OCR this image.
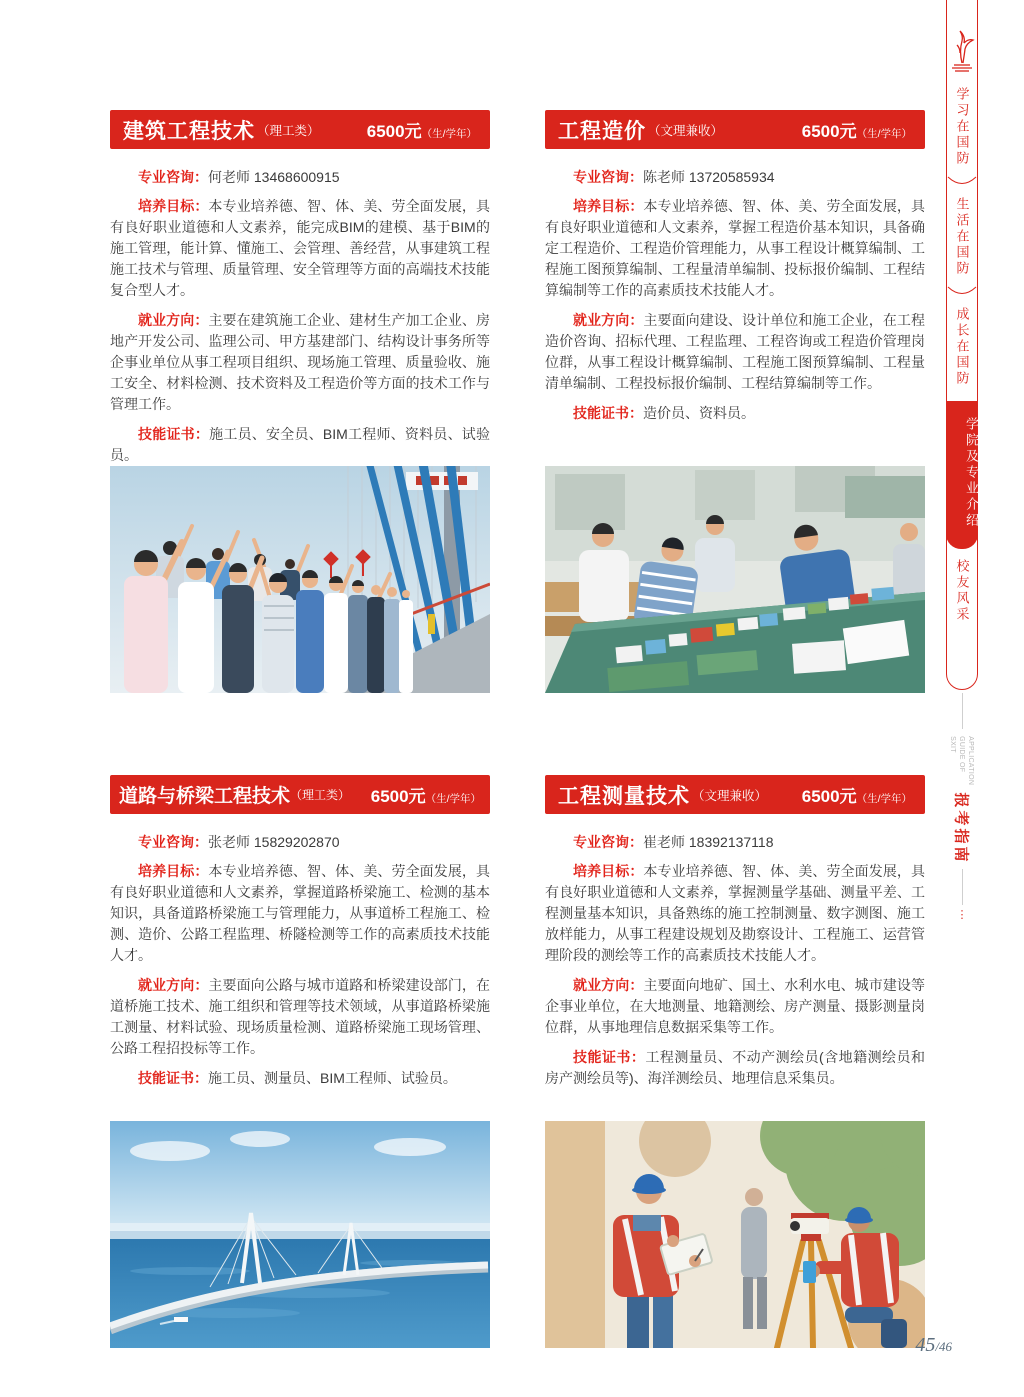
建筑工程技术 （理工类）	6500元（生/学年）

专业咨询：何老师 13468600915

培养目标：本专业培养德、智、体、美、劳全面发展，具有良好职业道德和人文素养，能完成BIM的建模、基于BIM的施工管理，能计算、懂施工、会管理、善经营，从事建筑工程施工技术与管理、质量管理、安全管理等方面的高端技术技能复合型人才。

就业方向：主要在建筑施工企业、建材生产加工企业、房地产开发公司、监理公司、甲方基建部门、结构设计事务所等企事业单位从事工程项目组织、现场施工管理、质量验收、施工安全、材料检测、技术资料及工程造价等方面的技术工作与管理工作。

技能证书：施工员、安全员、BIM工程师、资料员、试验员。

工程造价 （文理兼收）	6500元（生/学年）

专业咨询：陈老师 13720585934

培养目标：本专业培养德、智、体、美、劳全面发展，具有良好职业道德和人文素养，掌握工程造价基本知识，具备确定工程造价、工程造价管理能力，从事工程设计概算编制、工程施工图预算编制、工程量清单编制、投标报价编制、工程结算编制等工作的高素质技术技能人才。

就业方向：主要面向建设、设计单位和施工企业，在工程造价咨询、招标代理、工程监理、工程咨询或工程造价管理岗位群，从事工程设计概算编制、工程施工图预算编制、工程量清单编制、工程投标报价编制、工程结算编制等工作。

技能证书：造价员、资料员。

道路与桥梁工程技术 （理工类） 6500元（生/学年）

专业咨询：张老师 15829202870

培养目标：本专业培养德、智、体、美、劳全面发展，具有良好职业道德和人文素养，掌握道路桥梁施工、检测的基本知识，具备道路桥梁施工与管理能力，从事道桥工程施工、检测、造价、公路工程监理、桥隧检测等工作的高素质技术技能人才。

就业方向：主要面向公路与城市道路和桥梁建设部门，在道桥施工技术、施工组织和管理等技术领域，从事道路桥梁施工测量、材料试验、现场质量检测、道路桥梁施工现场管理、公路工程招投标等工作。

技能证书：施工员、测量员、BIM工程师、试验员。

工程测量技术 （文理兼收） 6500元（生/学年）

专业咨询：崔老师 18392137118

培养目标：本专业培养德、智、体、美、劳全面发展，具有良好职业道德和人文素养，掌握测量学基础、测量平差、工程测量基本知识，具备熟练的施工控制测量、数字测图、施工放样能力，从事工程建设规划及勘察设计、工程施工、运营管理阶段的测绘等工作的高素质技术技能人才。

就业方向：主要面向地矿、国土、水利水电、城市建设等企事业单位，在大地测量、地籍测绘、房产测量、摄影测量岗位群，从事地理信息数据采集等工作。

技能证书：工程测量员、不动产测绘员(含地籍测绘员和房产测绘员等)、海洋测绘员、地理信息采集员。

学习在国防
生活在国防
成长在国防
学院及专业介绍
校友风采
APPLICATION GUIDE OF SXIT
报考指南
⋮
45/46
